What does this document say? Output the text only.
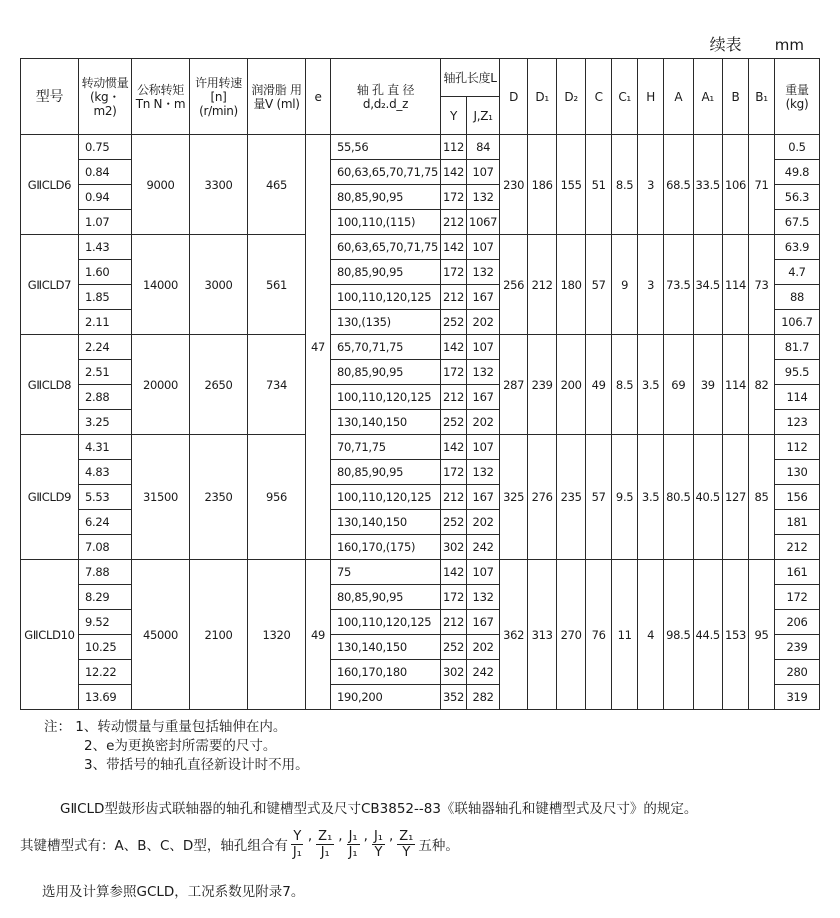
续表 mm
型号	转动惯量 (kg・m2)	公称转矩 Tn N・m	许用转速 [n] (r/min)	润滑脂 用量V (ml)	e	轴 孔 直 径 d,d₂.d_z	轴孔长度L		D	D₁	D₂	C	C₁	H	A	A₁	B	B₁	重量 (kg)
							Y	J,Z₁											
GⅡCLD6	0.75	9000	3300	465	47	55,56	112	84	230	186	155	51	8.5	3	68.5	33.5	106	71	0.5
	0.84					60,63,65,70,71,75	142	107											49.8
	0.94					80,85,90,95	172	132											56.3
	1.07					100,110,(115)	212	1067											67.5
GⅡCLD7	1.43	14000	3000	561		60,63,65,70,71,75	142	107	256	212	180	57	9	3	73.5	34.5	114	73	63.9
	1.60					80,85,90,95	172	132											4.7
	1.85					100,110,120,125	212	167											88
	2.11					130,(135)	252	202											106.7
GⅡCLD8	2.24	20000	2650	734		65,70,71,75	142	107	287	239	200	49	8.5	3.5	69	39	114	82	81.7
	2.51					80,85,90,95	172	132											95.5
	2.88					100,110,120,125	212	167											114
	3.25					130,140,150	252	202											123
GⅡCLD9	4.31	31500	2350	956		70,71,75	142	107	325	276	235	57	9.5	3.5	80.5	40.5	127	85	112
	4.83					80,85,90,95	172	132											130
	5.53					100,110,120,125	212	167											156
	6.24					130,140,150	252	202											181
	7.08					160,170,(175)	302	242											212
GⅡCLD10	7.88	45000	2100	1320	49	75	142	107	362	313	270	76	11	4	98.5	44.5	153	95	161
	8.29					80,85,90,95	172	132											172
	9.52					100,110,120,125	212	167											206
	10.25					130,140,150	252	202											239
	12.22					160,170,180	302	242											280
	13.69					190,200	352	282											319
注： 1、转动惯量与重量包括轴伸在内。
2、e为更换密封所需要的尺寸。
3、带括号的轴孔直径新设计时不用。
GⅡCLD型鼓形齿式联轴器的轴孔和键槽型式及尺寸CB3852--83《联轴器轴孔和键槽型式及尺寸》的规定。
其键槽型式有：A、B、C、D型，轴孔组合有 $\frac{Y}{\text{J₁}}$ , $\frac{\text{Z₁}}{\text{J₁}}$ , $\frac{\text{J₁}}{\text{J₁}}$ , $\frac{\text{J₁}}{Y}$ , $\frac{\text{Z₁}}{Y}$ 五种。
选用及计算参照GCLD，工况系数见附录7。
